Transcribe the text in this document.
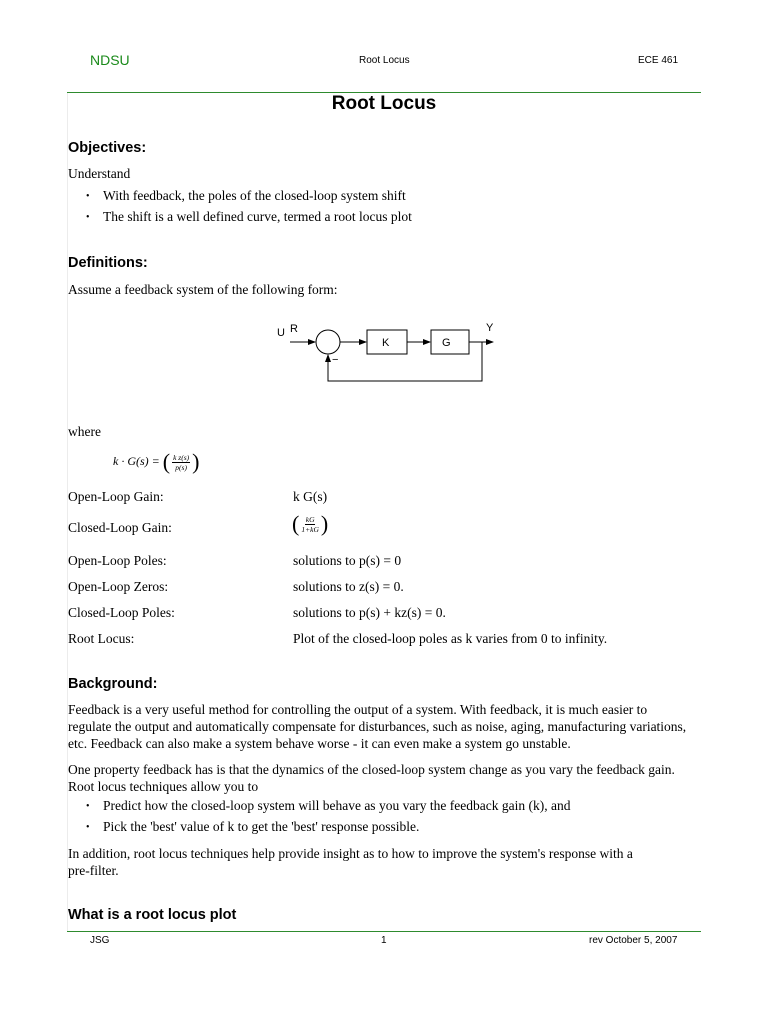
NDSU	Root Locus	ECE 461
Root Locus
Objectives:
Understand
• With feedback, the poles of the closed-loop system shift
• The shift is a well defined curve, termed a root locus plot
Definitions:
Assume a feedback system of the following form:
U R
−
K	G
Y
where
k · G(s) = ( $\frac{\text{k z(s)}}{p(s)}$ )
Open-Loop Gain:	k G(s)
Closed-Loop Gain:	( $\frac{kG}{1+kG}$ )
Open-Loop Poles:	solutions to p(s) = 0
Open-Loop Zeros:	solutions to z(s) = 0.
Closed-Loop Poles:	solutions to p(s) + kz(s) = 0.
Root Locus:	Plot of the closed-loop poles as k varies from 0 to infinity.
Background:

Feedback is a very useful method for controlling the output of a system. With feedback, it is much easier to

regulate the output and automatically compensate for disturbances, such as noise, aging, manufacturing variations,

etc. Feedback can also make a system behave worse - it can even make a system go unstable.

One property feedback has is that the dynamics of the closed-loop system change as you vary the feedback gain.

Root locus techniques allow you to

• Predict how the closed-loop system will behave as you vary the feedback gain (k), and
• Pick the 'best' value of k to get the 'best' response possible.

In addition, root locus techniques help provide insight as to how to improve the system's response with a

pre-filter.

What is a root locus plot
JSG	1	rev October 5, 2007
